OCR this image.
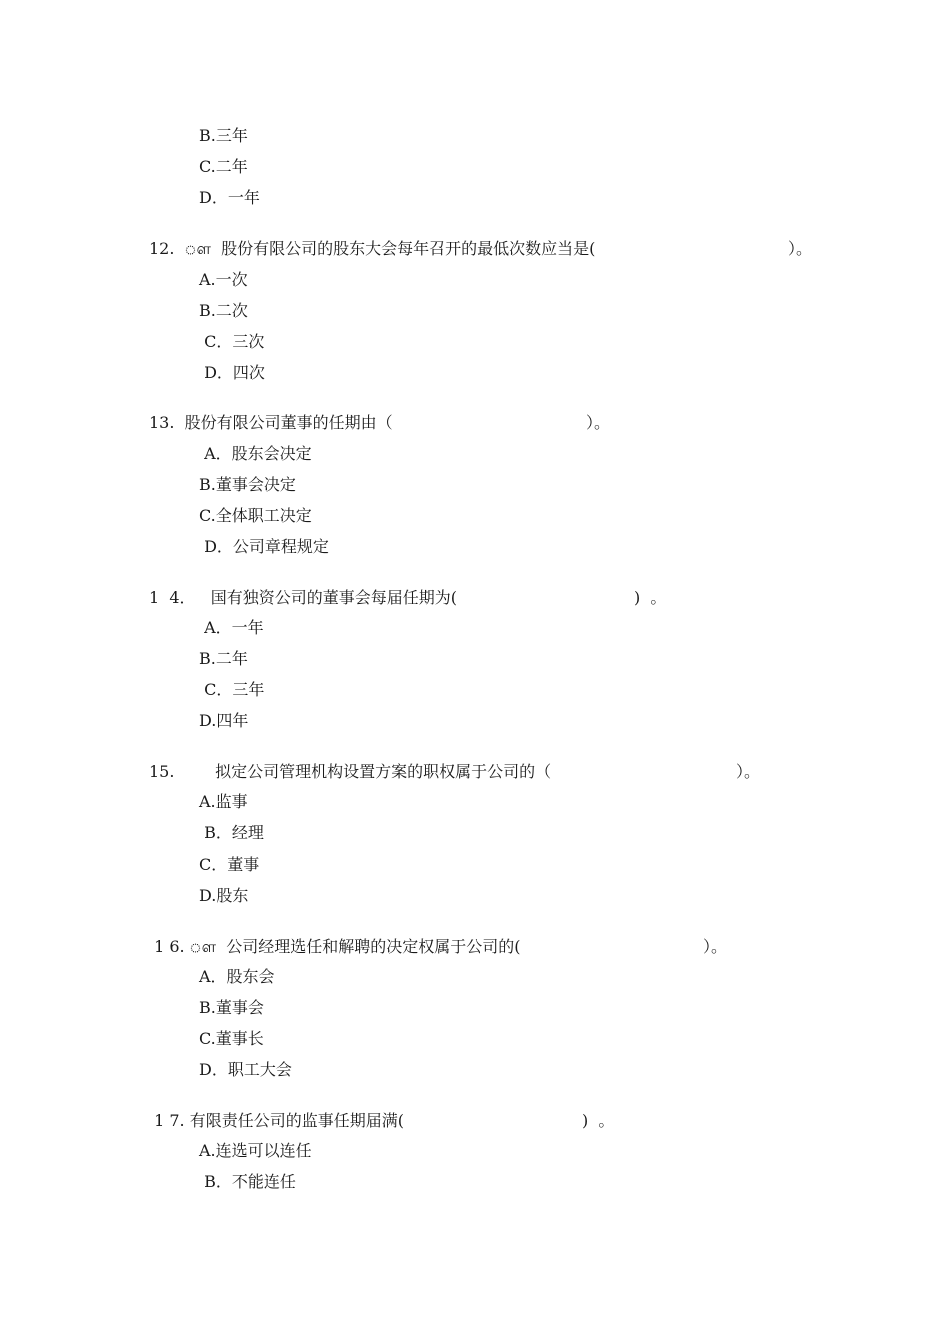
B.三年
C.二年
D．一年
12.  ௗ  股份有限公司的股东大会每年召开的最低次数应当是(	）。
A.一次
B.二次
C．三次
D．四次
13.  股份有限公司董事的任期由（	）。
A．股东会决定
B.董事会决定
C.全体职工决定
D．公司章程规定
1  4．   国有独资公司的董事会每届任期为(	)  。
A．一年
B.二年
C．三年
D.四年
15.        拟定公司管理机构设置方案的职权属于公司的（	）。
A.监事
B．经理
C．董事
D.股东
1 6. ௗ  公司经理选任和解聘的决定权属于公司的(	）。
A．股东会
B.董事会
C.董事长
D．职工大会
1 7. 有限责任公司的监事任期届满(	)  。
A.连选可以连任
B．不能连任
